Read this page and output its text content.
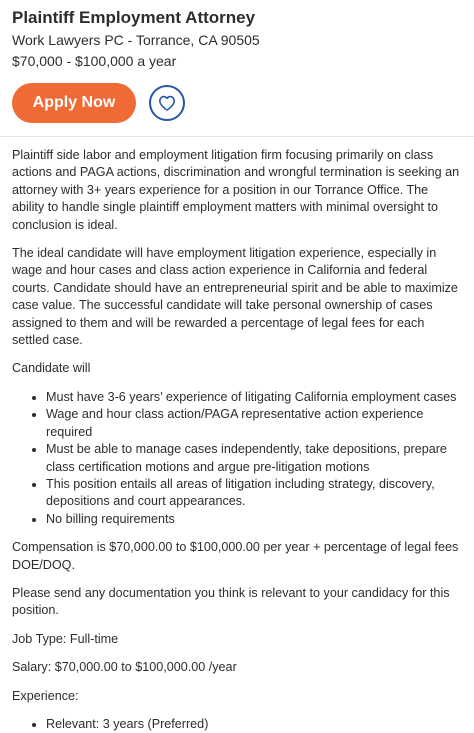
Plaintiff Employment Attorney
Work Lawyers PC - Torrance, CA 90505
$70,000 - $100,000 a year
Apply Now

Plaintiff side labor and employment litigation firm focusing primarily on class actions and PAGA actions, discrimination and wrongful termination is seeking an attorney with 3+ years experience for a position in our Torrance Office. The ability to handle single plaintiff employment matters with minimal oversight to conclusion is ideal.

The ideal candidate will have employment litigation experience, especially in wage and hour cases and class action experience in California and federal courts. Candidate should have an entrepreneurial spirit and be able to maximize case value. The successful candidate will take personal ownership of cases assigned to them and will be rewarded a percentage of legal fees for each settled case.

Candidate will

• Must have 3-6 years’ experience of litigating California employment cases
• Wage and hour class action/PAGA representative action experience required
• Must be able to manage cases independently, take depositions, prepare class certification motions and argue pre-litigation motions
• This position entails all areas of litigation including strategy, discovery, depositions and court appearances.
• No billing requirements

Compensation is $70,000.00 to $100,000.00 per year + percentage of legal fees DOE/DOQ.

Please send any documentation you think is relevant to your candidacy for this position.

Job Type: Full-time

Salary: $70,000.00 to $100,000.00 /year

Experience:

• Relevant: 3 years (Preferred)
